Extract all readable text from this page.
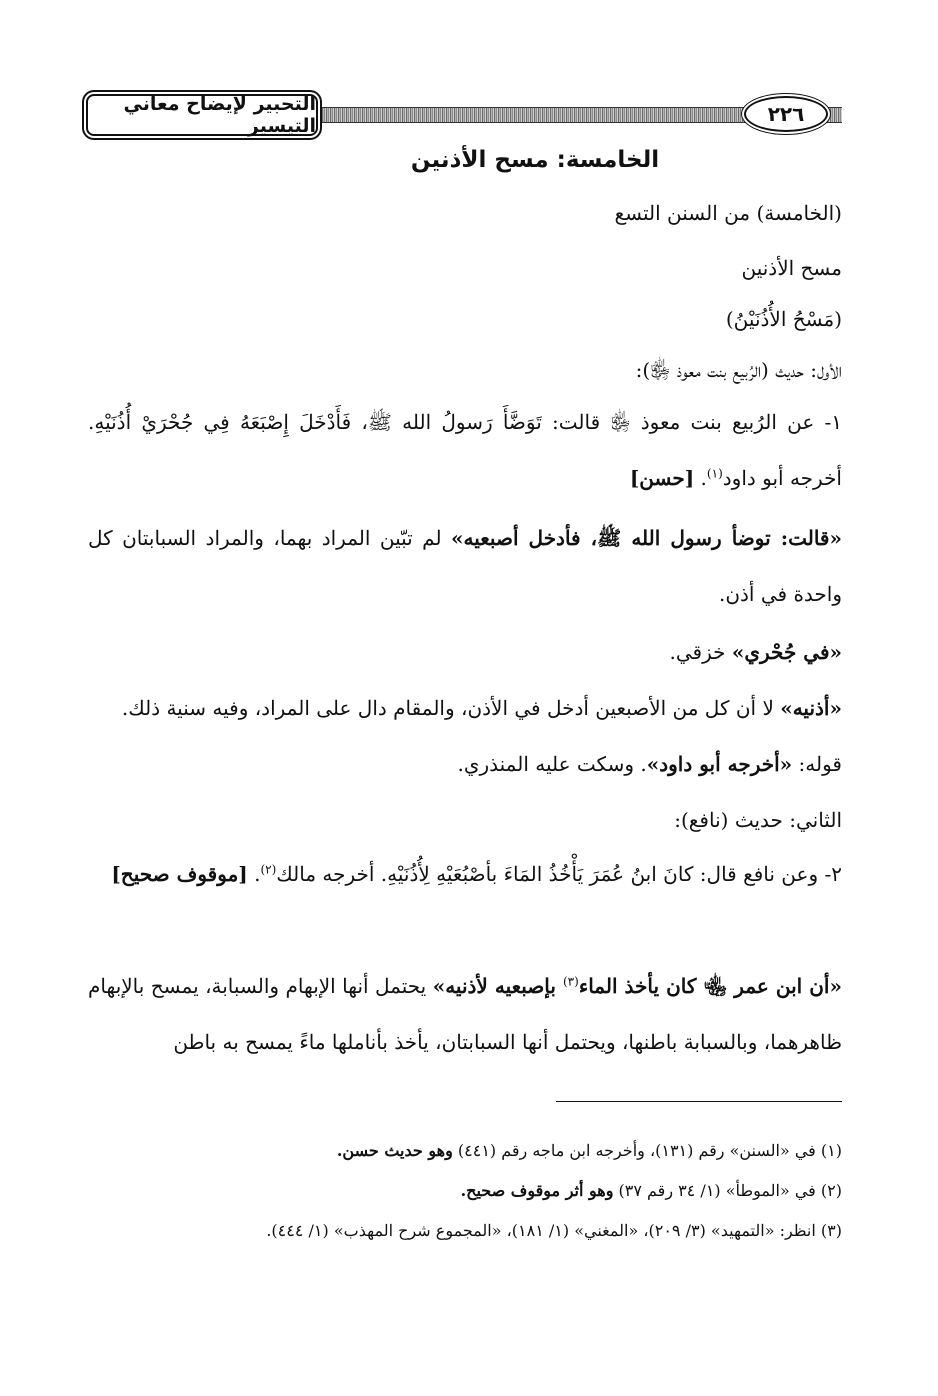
التحبير لإيضاح معاني التيسير	٢٢٦
الخامسة: مسح الأذنين
(الخامسة) من السنن التسع
مسح الأذنين
(مَسْحُ الأُذُنَيْنُ)
الأول: حديث (الرُبيع بنت معوذ ﵂):
١- عن الرُبيع بنت معوذ ﵂ قالت: تَوَضَّأَ رَسولُ الله ﷺ، فَأَدْخَلَ إِصْبَعَهُ فِي جُحْرَيْ أُذُنَيْهِ. أخرجه أبو داود$^{(١)}$. [حسن]
«قالت: توضأ رسول الله ﷺ، فأدخل أصبعيه» لم تبّين المراد بهما، والمراد السبابتان كل واحدة في أذن.
«في جُحْري» خزقي.
«أذنيه» لا أن كل من الأصبعين أدخل في الأذن، والمقام دال على المراد، وفيه سنية ذلك.
قوله: «أخرجه أبو داود». وسكت عليه المنذري.
الثاني: حديث (نافع):
٢- وعن نافع قال: كانَ ابنُ عُمَرَ يَأْخُذُ المَاءَ بأصْبُعَيْهِ لِأُذُنَيْهِ. أخرجه مالك$^{(٢)}$. [موقوف صحيح]
«أن ابن عمر ﵄ كان يأخذ الماء$^{(٣)}$ بإصبعيه لأذنيه» يحتمل أنها الإبهام والسبابة، يمسح بالإبهام ظاهرهما، وبالسبابة باطنها، ويحتمل أنها السبابتان، يأخذ بأناملها ماءً يمسح به باطن
(١) في «السنن» رقم (١٣١)، وأخرجه ابن ماجه رقم (٤٤١) وهو حديث حسن.
(٢) في «الموطأ» (١/ ٣٤ رقم ٣٧) وهو أثر موقوف صحيح.
(٣) انظر: «التمهيد» (٣/ ٢٠٩)، «المغني» (١/ ١٨١)، «المجموع شرح المهذب» (١/ ٤٤٤).
